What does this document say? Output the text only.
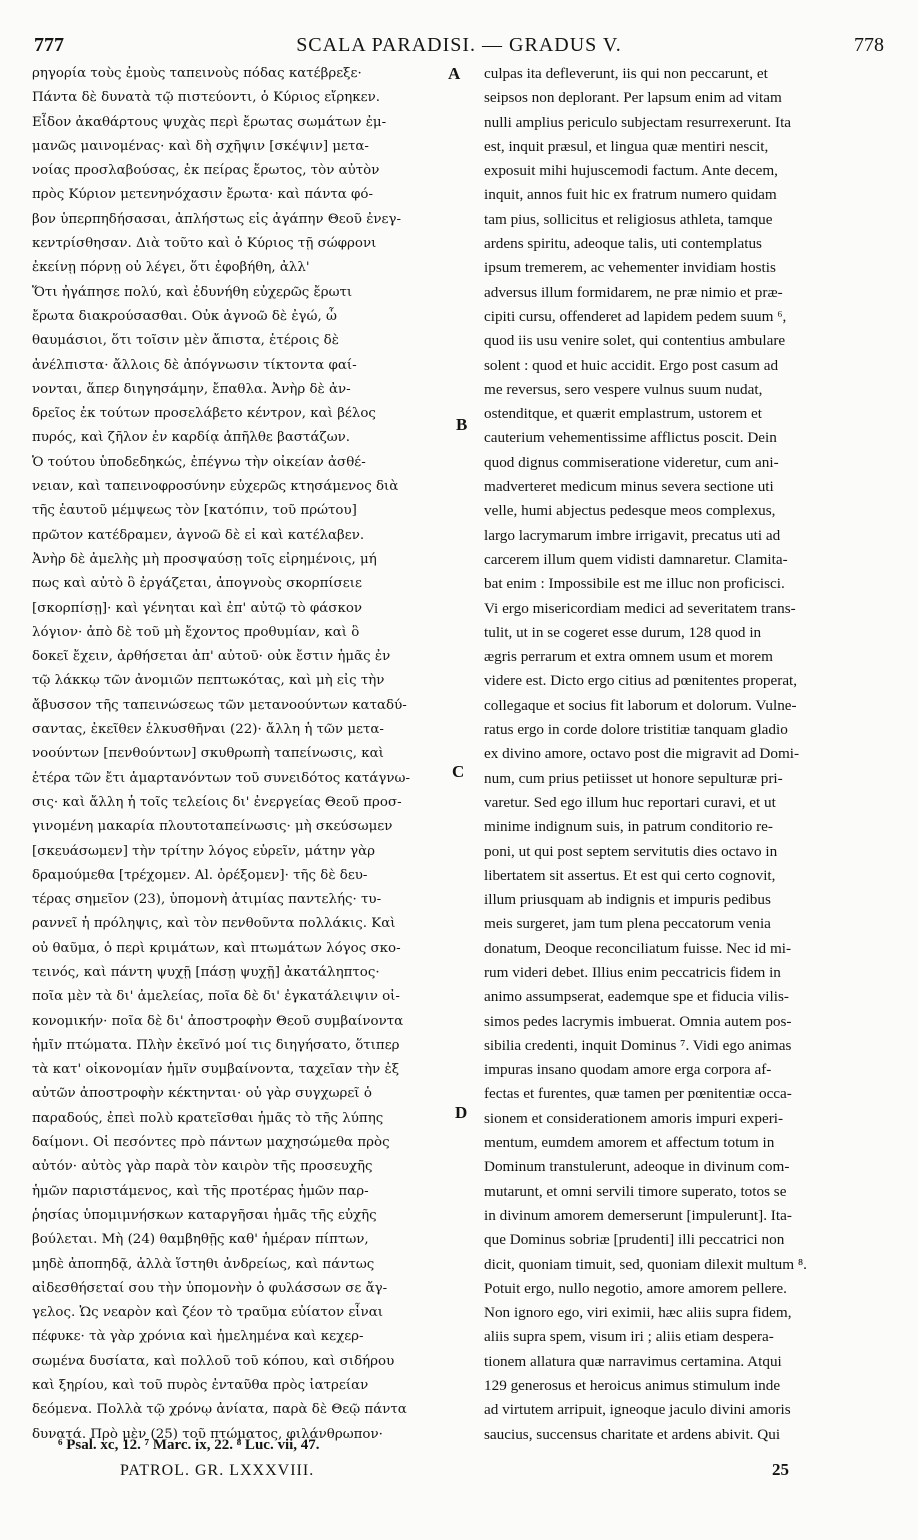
777	SCALA PARADISI. — GRADUS V.	778
ρηγορία τοὺς ἐμοὺς ταπεινοὺς πόδας κατέβρεξε·
Πάντα δὲ δυνατὰ τῷ πιστεύοντι, ὁ Κύριος εἴρηκεν.
Εἶδον ἀκαθάρτους ψυχὰς περὶ ἔρωτας σωμάτων ἐμ-
μανῶς μαινομένας· καὶ δὴ σχῆψιν [σκέψιν] μετα-
νοίας προσλαβούσας, ἐκ πείρας ἔρωτος, τὸν αὐτὸν
πρὸς Κύριον μετενηνόχασιν ἔρωτα· καὶ πάντα φό-
βον ὑπερπηδήσασαι, ἀπλήστως εἰς ἀγάπην Θεοῦ ἐνεγ-
κεντρίσθησαν. Διὰ τοῦτο καὶ ὁ Κύριος τῇ σώφρονι
ἐκείνῃ πόρνῃ οὐ λέγει, ὅτι ἐφοβήθη, ἀλλ'
Ὅτι ἠγάπησε πολύ, καὶ ἐδυνήθη εὐχερῶς ἔρωτι
ἔρωτα διακρούσασθαι. Οὐκ ἀγνοῶ δὲ ἐγώ, ὦ
θαυμάσιοι, ὅτι τοῖσιν μὲν ἄπιστα, ἑτέροις δὲ
ἀνέλπιστα· ἄλλοις δὲ ἀπόγνωσιν τίκτοντα φαί-
νονται, ἅπερ διηγησάμην, ἔπαθλα. Ἀνὴρ δὲ ἀν-
δρεῖος ἐκ τούτων προσελάβετο κέντρον, καὶ βέλος
πυρός, καὶ ζῆλον ἐν καρδίᾳ ἀπῆλθε βαστάζων.
Ὁ τούτου ὑποδεδηκώς, ἐπέγνω τὴν οἰκείαν ἀσθέ-
νειαν, καὶ ταπεινοφροσύνην εὐχερῶς κτησάμενος διὰ
τῆς ἑαυτοῦ μέμψεως τὸν [κατόπιν, τοῦ πρώτου]
πρῶτον κατέδραμεν, ἀγνοῶ δὲ εἰ καὶ κατέλαβεν.
Ἀνὴρ δὲ ἀμελὴς μὴ προσψαύσῃ τοῖς εἰρημένοις, μή
πως καὶ αὐτὸ ὃ ἐργάζεται, ἀπογνοὺς σκορπίσειε
[σκορπίσῃ]· καὶ γένηται καὶ ἐπ' αὐτῷ τὸ φάσκον
λόγιον· ἀπὸ δὲ τοῦ μὴ ἔχοντος προθυμίαν, καὶ ὃ
δοκεῖ ἔχειν, ἀρθήσεται ἀπ' αὐτοῦ· οὐκ ἔστιν ἡμᾶς ἐν
τῷ λάκκῳ τῶν ἀνομιῶν πεπτωκότας, καὶ μὴ εἰς τὴν
ἄβυσσον τῆς ταπεινώσεως τῶν μετανοούντων καταδύ-
σαντας, ἐκεῖθεν ἑλκυσθῆναι (22)· ἄλλη ἡ τῶν μετα-
νοούντων [πενθούντων] σκυθρωπὴ ταπείνωσις, καὶ
ἑτέρα τῶν ἔτι ἁμαρτανόντων τοῦ συνειδότος κατάγνω-
σις· καὶ ἄλλη ἡ τοῖς τελείοις δι' ἐνεργείας Θεοῦ προσ-
γινομένη μακαρία πλουτοταπείνωσις· μὴ σκεύσωμεν
[σκευάσωμεν] τὴν τρίτην λόγος εὑρεῖν, μάτην γὰρ
δραμούμεθα [τρέχομεν. Al. ὀρέξομεν]· τῆς δὲ δευ-
τέρας σημεῖον (23), ὑπομονὴ ἀτιμίας παντελής· τυ-
ραννεῖ ἡ πρόληψις, καὶ τὸν πενθοῦντα πολλάκις. Καὶ
οὐ θαῦμα, ὁ περὶ κριμάτων, καὶ πτωμάτων λόγος σκο-
τεινός, καὶ πάντη ψυχῇ [πάσῃ ψυχῇ] ἀκατάληπτος·
ποῖα μὲν τὰ δι' ἀμελείας, ποῖα δὲ δι' ἐγκατάλειψιν οἰ-
κονομικήν· ποῖα δὲ δι' ἀποστροφὴν Θεοῦ συμβαίνοντα
ἡμῖν πτώματα. Πλὴν ἐκεῖνό μοί τις διηγήσατο, ὅτιπερ
τὰ κατ' οἰκονομίαν ἡμῖν συμβαίνοντα, ταχεῖαν τὴν ἐξ
αὐτῶν ἀποστροφὴν κέκτηνται· οὐ γὰρ συγχωρεῖ ὁ
παραδούς, ἐπεὶ πολὺ κρατεῖσθαι ἡμᾶς τὸ τῆς λύπης
δαίμονι. Οἱ πεσόντες πρὸ πάντων μαχησώμεθα πρὸς
αὐτόν· αὐτὸς γὰρ παρὰ τὸν καιρὸν τῆς προσευχῆς
ἡμῶν παριστάμενος, καὶ τῆς προτέρας ἡμῶν παρ-
ῥησίας ὑπομιμνήσκων καταργῆσαι ἡμᾶς τῆς εὐχῆς
βούλεται. Μὴ (24) θαμβηθῇς καθ' ἡμέραν πίπτων,
μηδὲ ἀποπηδᾷ, ἀλλὰ ἵστηθι ἀνδρείως, καὶ πάντως
αἰδεσθήσεταί σου τὴν ὑπομονὴν ὁ φυλάσσων σε ἄγ-
γελος. Ὡς νεαρὸν καὶ ζέον τὸ τραῦμα εὐίατον εἶναι
πέφυκε· τὰ γὰρ χρόνια καὶ ἠμελημένα καὶ κεχερ-
σωμένα δυσίατα, καὶ πολλοῦ τοῦ κόπου, καὶ σιδήρου
καὶ ξηρίου, καὶ τοῦ πυρὸς ἐνταῦθα πρὸς ἰατρείαν
δεόμενα. Πολλὰ τῷ χρόνῳ ἀνίατα, παρὰ δὲ Θεῷ πάντα
δυνατά. Πρὸ μὲν (25) τοῦ πτώματος, φιλάνθρωπον·
culpas ita defleverunt, iis qui non peccarunt, et
seipsos non deplorant. Per lapsum enim ad vitam
nulli amplius periculo subjectam resurrexerunt. Ita
est, inquit præsul, et lingua quæ mentiri nescit,
exposuit mihi hujuscemodi factum. Ante decem,
inquit, annos fuit hic ex fratrum numero quidam
tam pius, sollicitus et religiosus athleta, tamque
ardens spiritu, adeoque talis, uti contemplatus
ipsum tremerem, ac vehementer invidiam hostis
adversus illum formidarem, ne præ nimio et præ-
cipiti cursu, offenderet ad lapidem pedem suum ⁶,
quod iis usu venire solet, qui contentius ambulare
solent : quod et huic accidit. Ergo post casum ad
me reversus, sero vespere vulnus suum nudat,
ostenditque, et quærit emplastrum, ustorem et
cauterium vehementissime afflictus poscit. Dein
quod dignus commiseratione videretur, cum ani-
madverteret medicum minus severa sectione uti
velle, humi abjectus pedesque meos complexus,
largo lacrymarum imbre irrigavit, precatus uti ad
carcerem illum quem vidisti damnaretur. Clamita-
bat enim : Impossibile est me illuc non proficisci.
Vi ergo misericordiam medici ad severitatem trans-
tulit, ut in se cogeret esse durum, 128 quod in
ægris perrarum et extra omnem usum et morem
videre est. Dicto ergo citius ad pœnitentes properat,
collegaque et socius fit laborum et dolorum. Vulne-
ratus ergo in corde dolore tristitiæ tanquam gladio
ex divino amore, octavo post die migravit ad Domi-
num, cum prius petiisset ut honore sepulturæ pri-
varetur. Sed ego illum huc reportari curavi, et ut
minime indignum suis, in patrum conditorio re-
poni, ut qui post septem servitutis dies octavo in
libertatem sit assertus. Et est qui certo cognovit,
illum priusquam ab indignis et impuris pedibus
meis surgeret, jam tum plena peccatorum venia
donatum, Deoque reconciliatum fuisse. Nec id mi-
rum videri debet. Illius enim peccatricis fidem in
animo assumpserat, eademque spe et fiducia vilis-
simos pedes lacrymis imbuerat. Omnia autem pos-
sibilia credenti, inquit Dominus ⁷. Vidi ego animas
impuras insano quodam amore erga corpora af-
fectas et furentes, quæ tamen per pœnitentiæ occa-
sionem et considerationem amoris impuri experi-
mentum, eumdem amorem et affectum totum in
Dominum transtulerunt, adeoque in divinum com-
mutarunt, et omni servili timore superato, totos se
in divinum amorem demerserunt [impulerunt]. Ita-
que Dominus sobriæ [prudenti] illi peccatrici non
dicit, quoniam timuit, sed, quoniam dilexit multum ⁸.
Potuit ergo, nullo negotio, amore amorem pellere.
Non ignoro ego, viri eximii, hæc aliis supra fidem,
aliis supra spem, visum iri ; aliis etiam despera-
tionem allatura quæ narravimus certamina. Atqui
129 generosus et heroicus animus stimulum inde
ad virtutem arripuit, igneoque jaculo divini amoris
saucius, succensus charitate et ardens abivit. Qui
A
B
C
D
⁶ Psal. xc, 12. ⁷ Marc. ix, 22. ⁸ Luc. vii, 47.
PATROL. GR. LXXXVIII.	25
